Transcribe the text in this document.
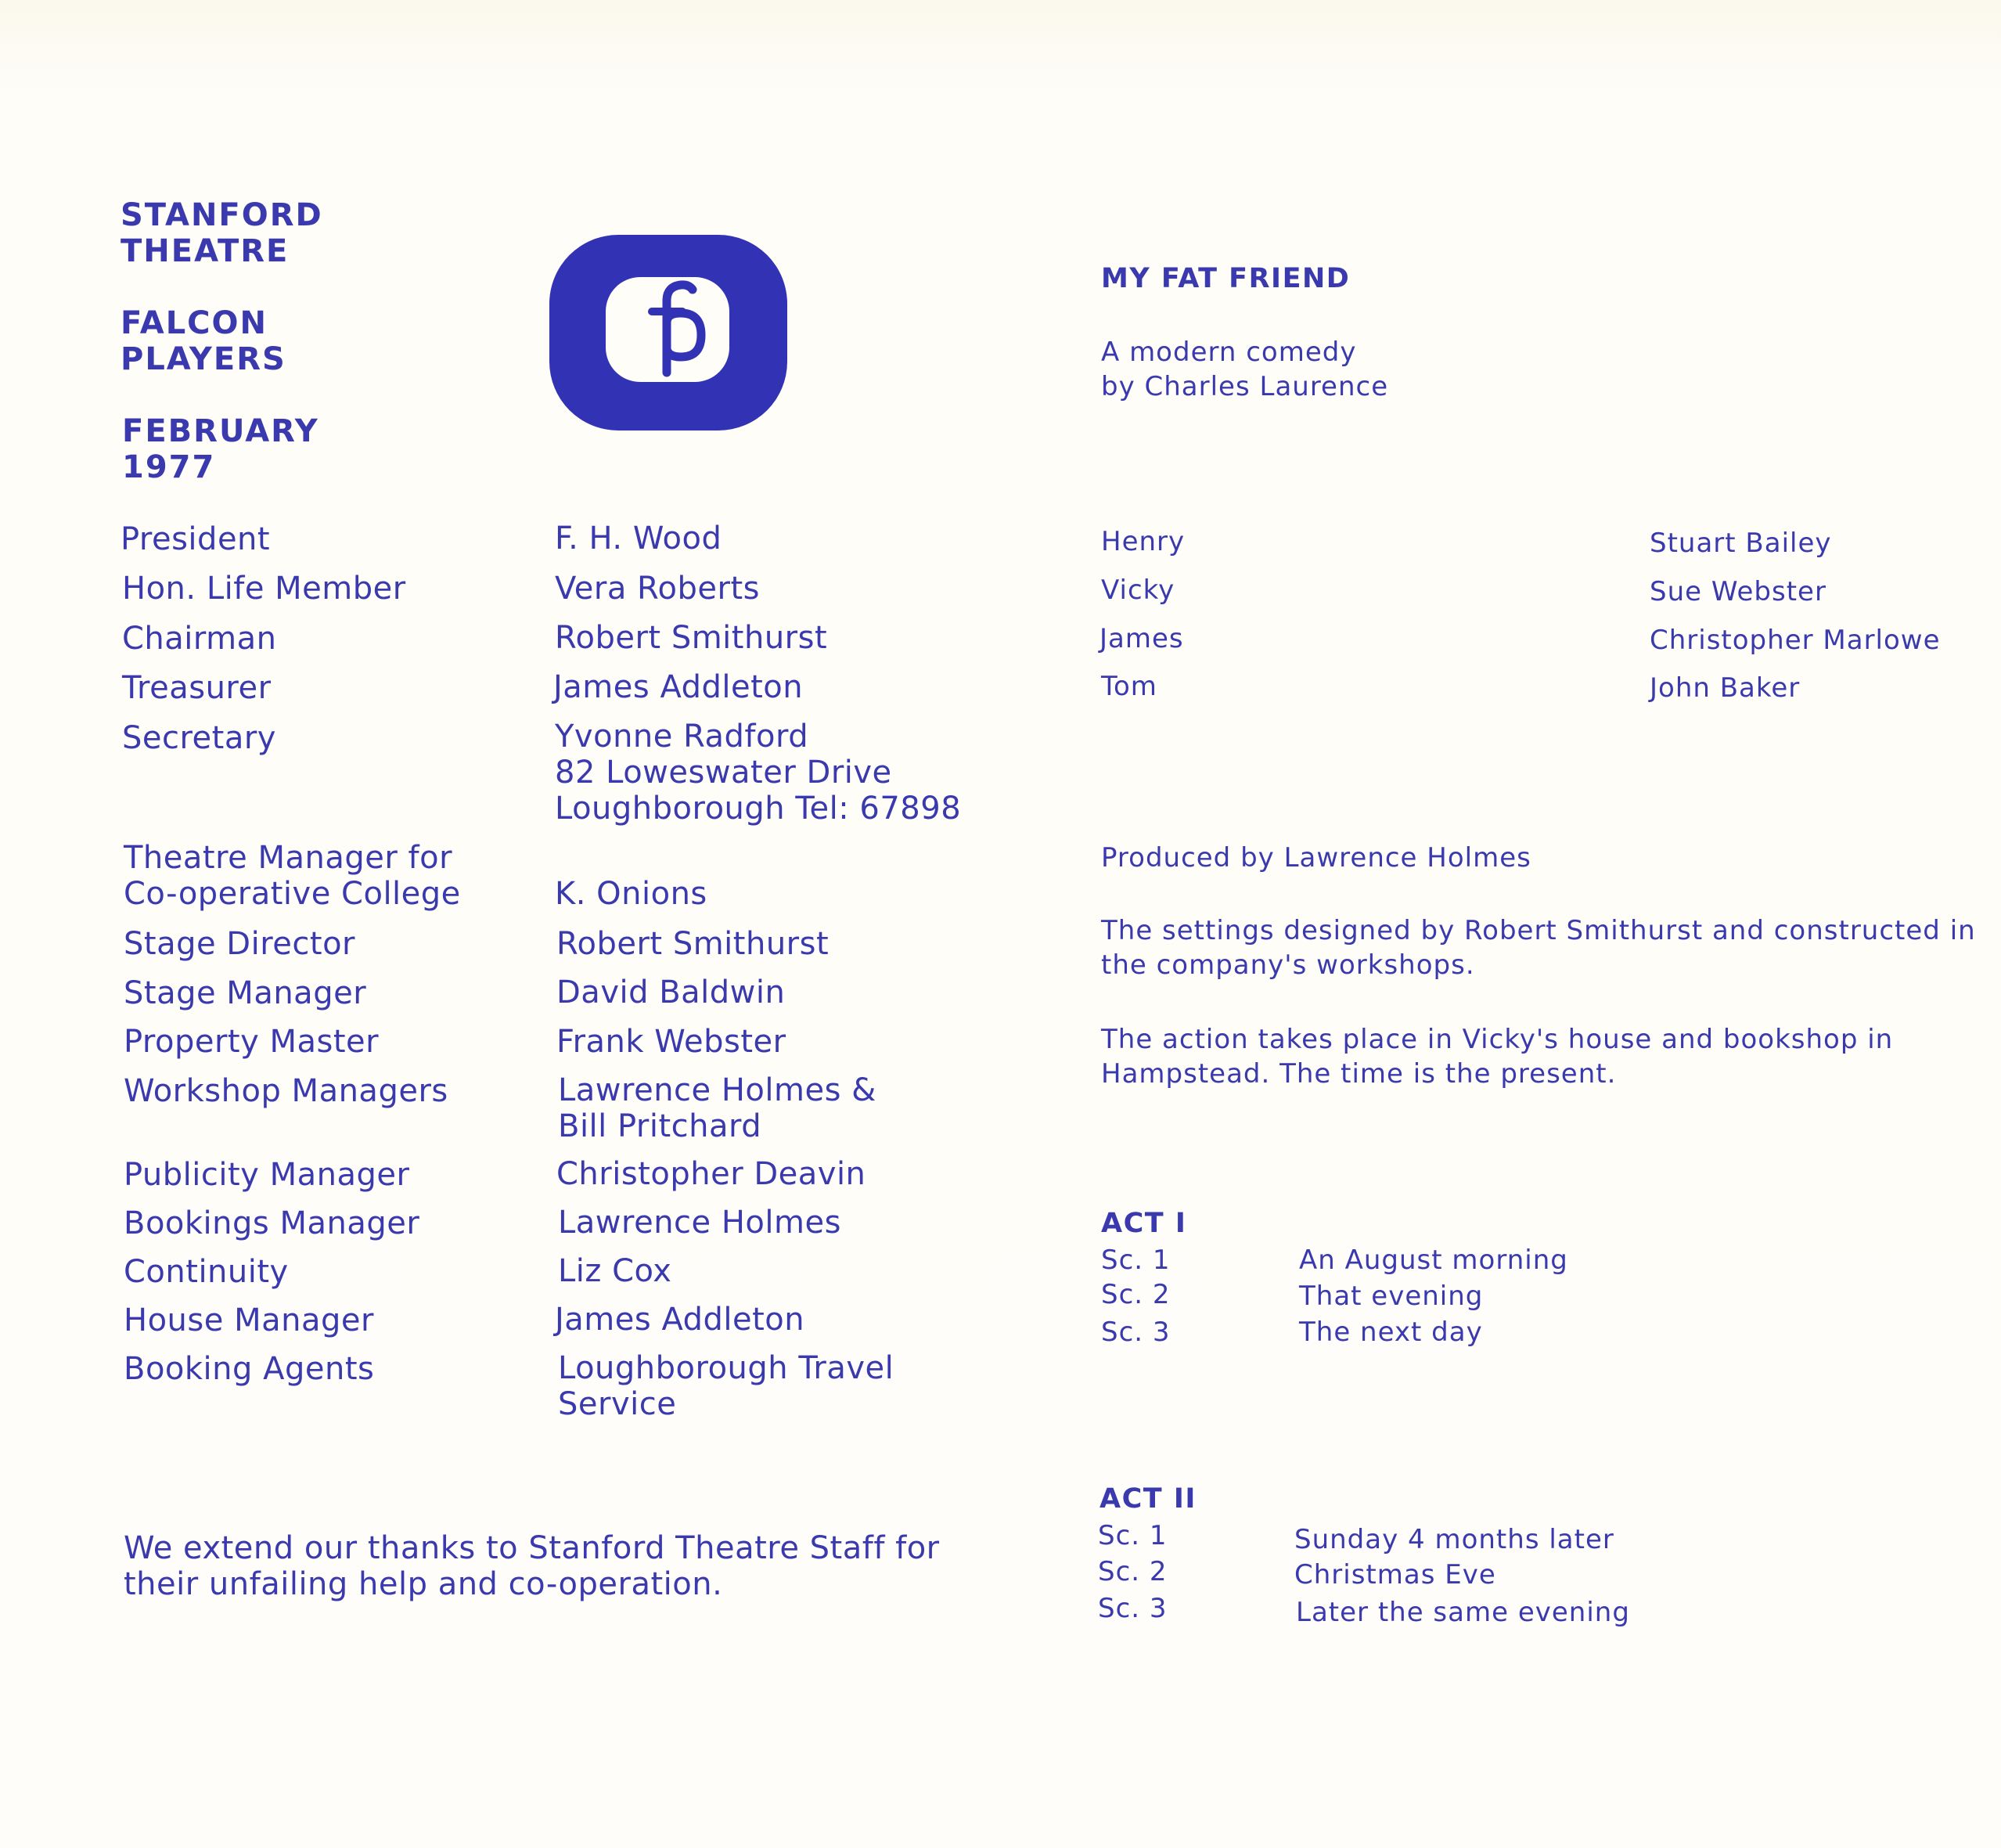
STANFORD
THEATRE
FALCON
PLAYERS
FEBRUARY
1977
President
Hon. Life Member
Chairman
Treasurer
Secretary
F. H. Wood
Vera Roberts
Robert Smithurst
James Addleton
Yvonne Radford
82 Loweswater Drive
Loughborough Tel: 67898
Theatre Manager for
Co-operative College
Stage Director
Stage Manager
Property Master
Workshop Managers
Publicity Manager
Bookings Manager
Continuity
House Manager
Booking Agents
K. Onions
Robert Smithurst
David Baldwin
Frank Webster
Lawrence Holmes &
Bill Pritchard
Christopher Deavin
Lawrence Holmes
Liz Cox
James Addleton
Loughborough Travel
Service
We extend our thanks to Stanford Theatre Staff for
their unfailing help and co-operation.
MY FAT FRIEND
A modern comedy
by Charles Laurence
Henry
Vicky
James
Tom
Stuart Bailey
Sue Webster
Christopher Marlowe
John Baker
Produced by Lawrence Holmes
The settings designed by Robert Smithurst and constructed in
the company's workshops.
The action takes place in Vicky's house and bookshop in
Hampstead. The time is the present.
ACT I
Sc. 1
Sc. 2
Sc. 3
An August morning
That evening
The next day
ACT II
Sc. 1
Sc. 2
Sc. 3
Sunday 4 months later
Christmas Eve
Later the same evening
